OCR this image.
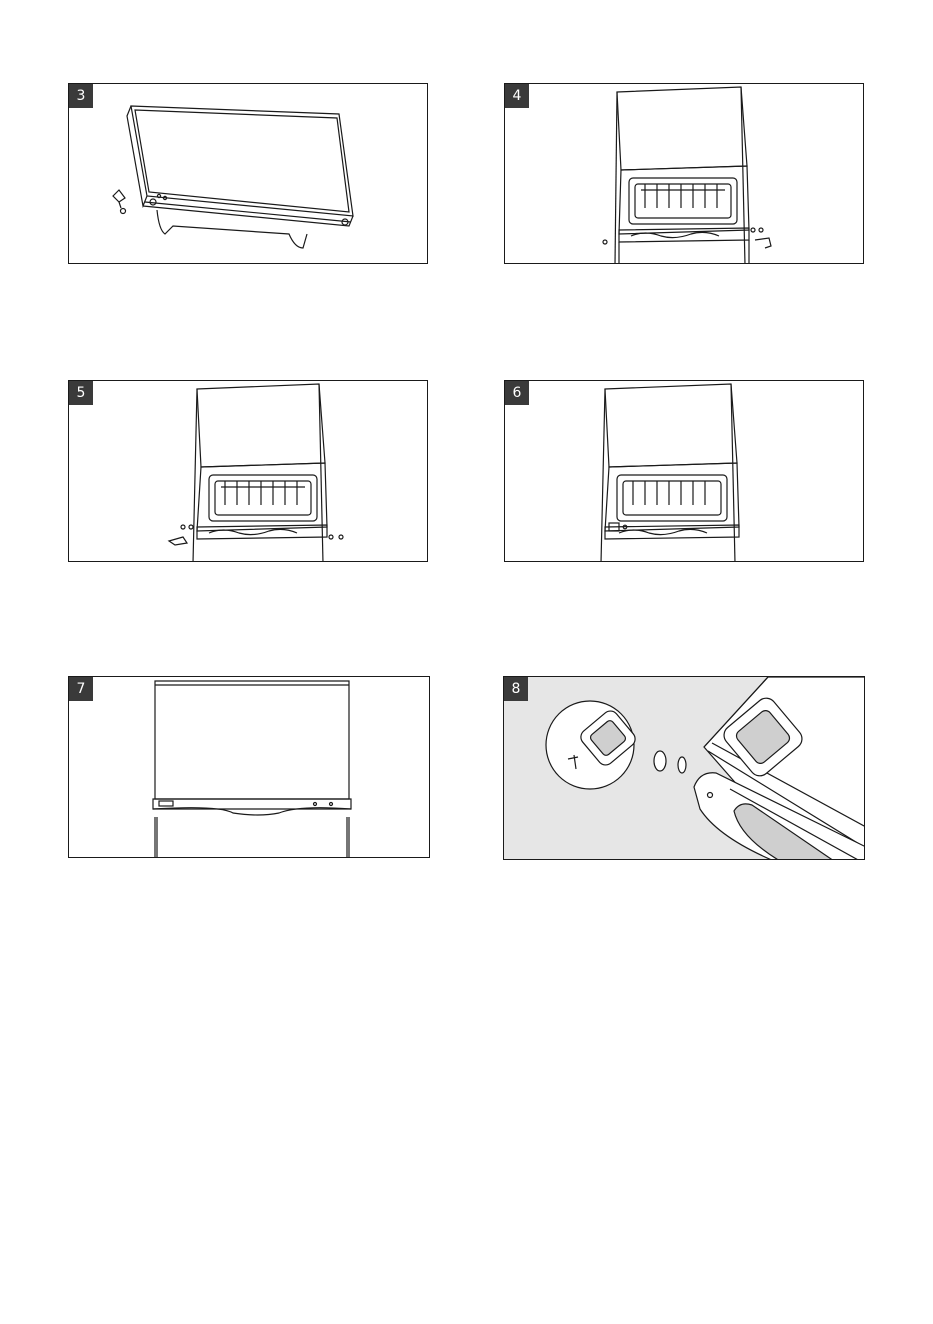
3	4
5	6
7	8
